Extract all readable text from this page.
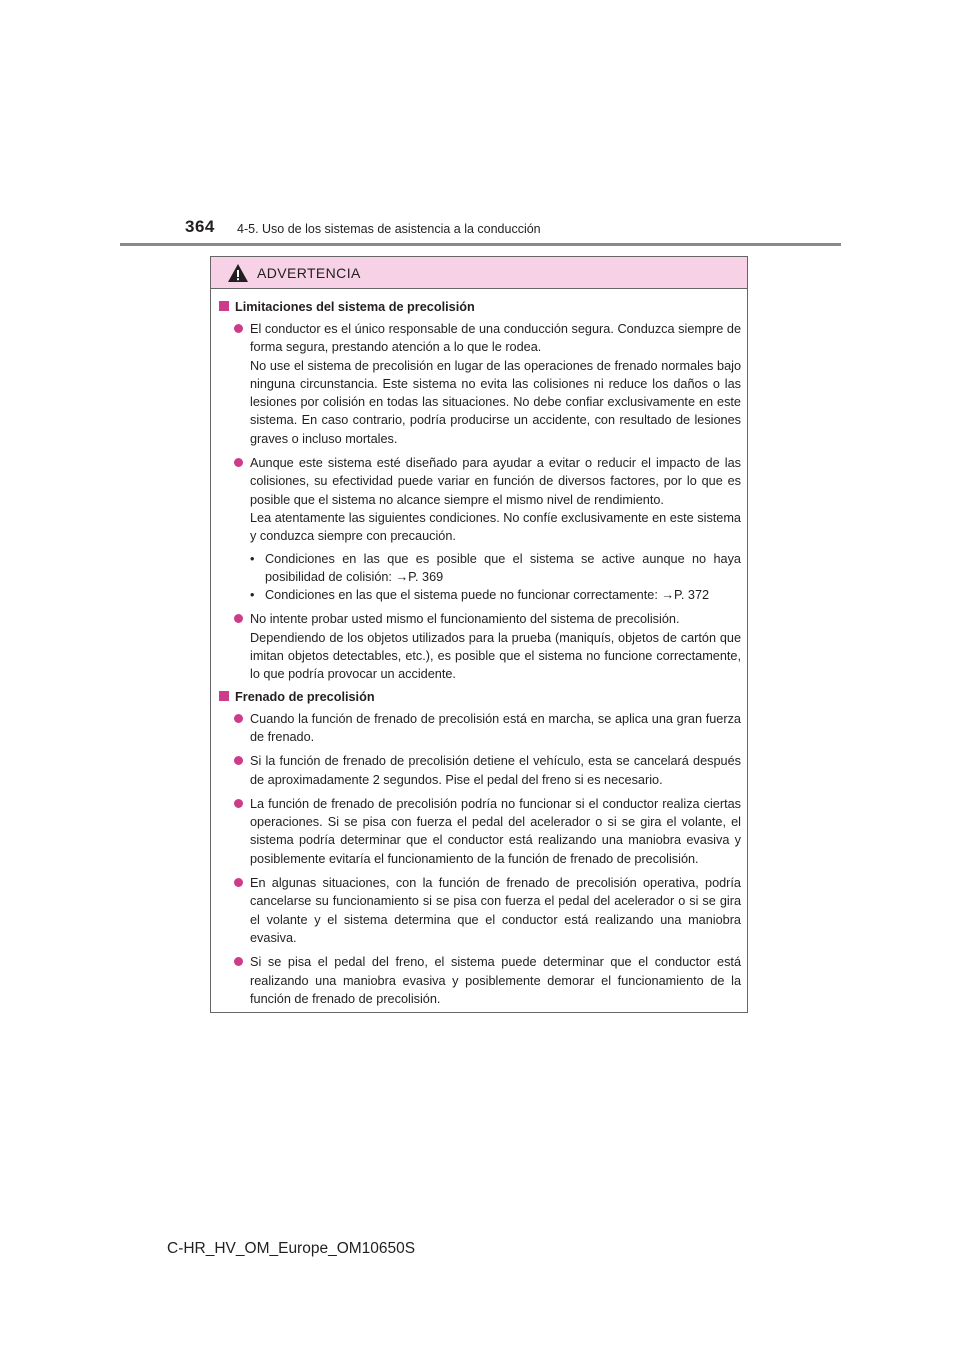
364 4-5. Uso de los sistemas de asistencia a la conducción
ADVERTENCIA
Limitaciones del sistema de precolisión

El conductor es el único responsable de una conducción segura. Conduzca siempre de forma segura, prestando atención a lo que le rodea.

No use el sistema de precolisión en lugar de las operaciones de frenado normales bajo ninguna circunstancia. Este sistema no evita las colisiones ni reduce los daños o las lesiones por colisión en todas las situaciones. No debe confiar exclusivamente en este sistema. En caso contrario, podría producirse un accidente, con resultado de lesiones graves o incluso mortales.

Aunque este sistema esté diseñado para ayudar a evitar o reducir el impacto de las colisiones, su efectividad puede variar en función de diversos factores, por lo que es posible que el sistema no alcance siempre el mismo nivel de rendimiento.

Lea atentamente las siguientes condiciones. No confíe exclusivamente en este sistema y conduzca siempre con precaución.

• Condiciones en las que es posible que el sistema se active aunque no haya posibilidad de colisión: →P. 369
• Condiciones en las que el sistema puede no funcionar correctamente: →P. 372

No intente probar usted mismo el funcionamiento del sistema de precolisión.

Dependiendo de los objetos utilizados para la prueba (maniquís, objetos de cartón que imitan objetos detectables, etc.), es posible que el sistema no funcione correctamente, lo que podría provocar un accidente.

Frenado de precolisión

Cuando la función de frenado de precolisión está en marcha, se aplica una gran fuerza de frenado.

Si la función de frenado de precolisión detiene el vehículo, esta se cancelará después de aproximadamente 2 segundos. Pise el pedal del freno si es necesario.

La función de frenado de precolisión podría no funcionar si el conductor realiza ciertas operaciones. Si se pisa con fuerza el pedal del acelerador o si se gira el volante, el sistema podría determinar que el conductor está realizando una maniobra evasiva y posiblemente evitaría el funcionamiento de la función de frenado de precolisión.

En algunas situaciones, con la función de frenado de precolisión operativa, podría cancelarse su funcionamiento si se pisa con fuerza el pedal del acelerador o si se gira el volante y el sistema determina que el conductor está realizando una maniobra evasiva.

Si se pisa el pedal del freno, el sistema puede determinar que el conductor está realizando una maniobra evasiva y posiblemente demorar el funcionamiento de la función de frenado de precolisión.

C-HR_HV_OM_Europe_OM10650S
